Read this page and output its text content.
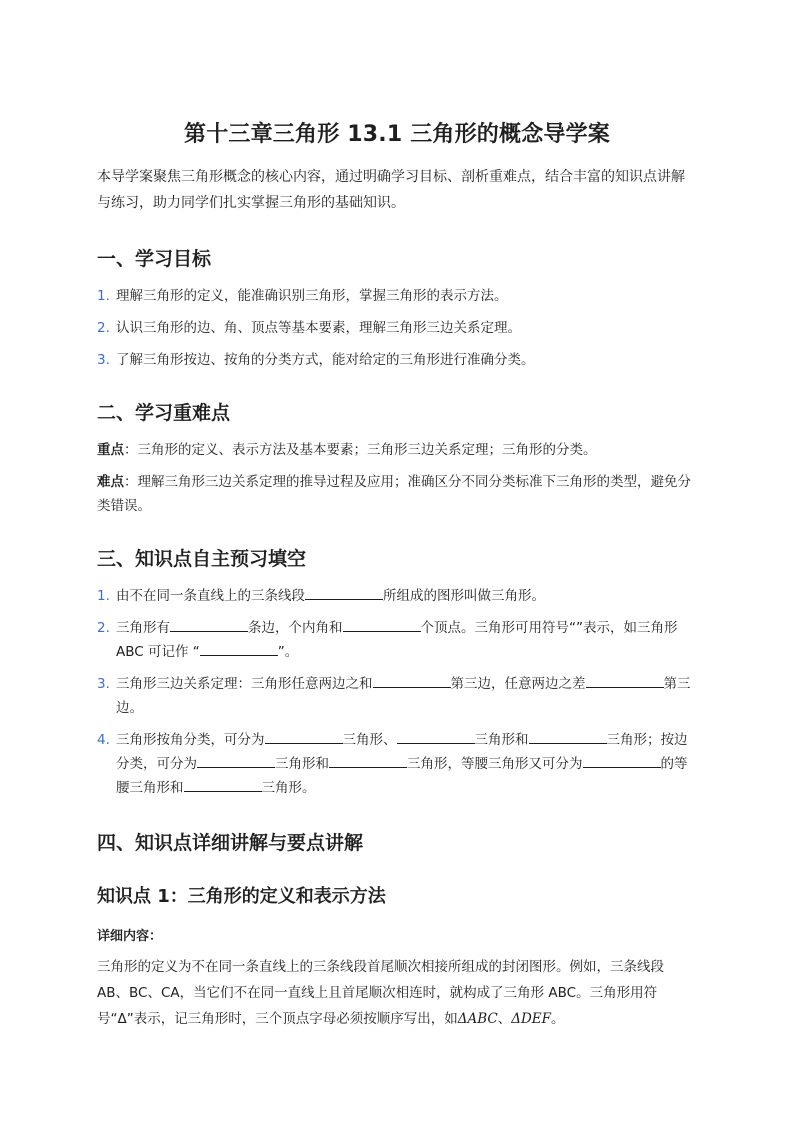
第十三章三角形 13.1 三角形的概念导学案

本导学案聚焦三角形概念的核心内容，通过明确学习目标、剖析重难点，结合丰富的知识点讲解与练习，助力同学们扎实掌握三角形的基础知识。

一、学习目标
1. 理解三角形的定义，能准确识别三角形，掌握三角形的表示方法。
2. 认识三角形的边、角、顶点等基本要素，理解三角形三边关系定理。
3. 了解三角形按边、按角的分类方式，能对给定的三角形进行准确分类。
二、学习重难点

重点：三角形的定义、表示方法及基本要素；三角形三边关系定理；三角形的分类。

难点：理解三角形三边关系定理的推导过程及应用；准确区分不同分类标准下三角形的类型，避免分类错误。

三、知识点自主预习填空
1. 由不在同一条直线上的三条线段	所组成的图形叫做三角形。
2. 三角形有	条边，个内角和	个顶点。三角形可用符号“”表示，如三角形 ABC 可记作 “	”。
3. 三角形三边关系定理：三角形任意两边之和	第三边，任意两边之差	第三边。
4. 三角形按角分类，可分为	三角形、	三角形和	三角形；按边分类，可分为	三角形和	三角形，等腰三角形又可分为	的等腰三角形和	三角形。
四、知识点详细讲解与要点讲解
知识点 1：三角形的定义和表示方法
详细内容：

三角形的定义为不在同一条直线上的三条线段首尾顺次相接所组成的封闭图形。例如，三条线段 AB、BC、CA，当它们不在同一直线上且首尾顺次相连时，就构成了三角形 ABC。三角形用符号“Δ”表示，记三角形时，三个顶点字母必须按顺序写出，如ΔABC、ΔDEF。
